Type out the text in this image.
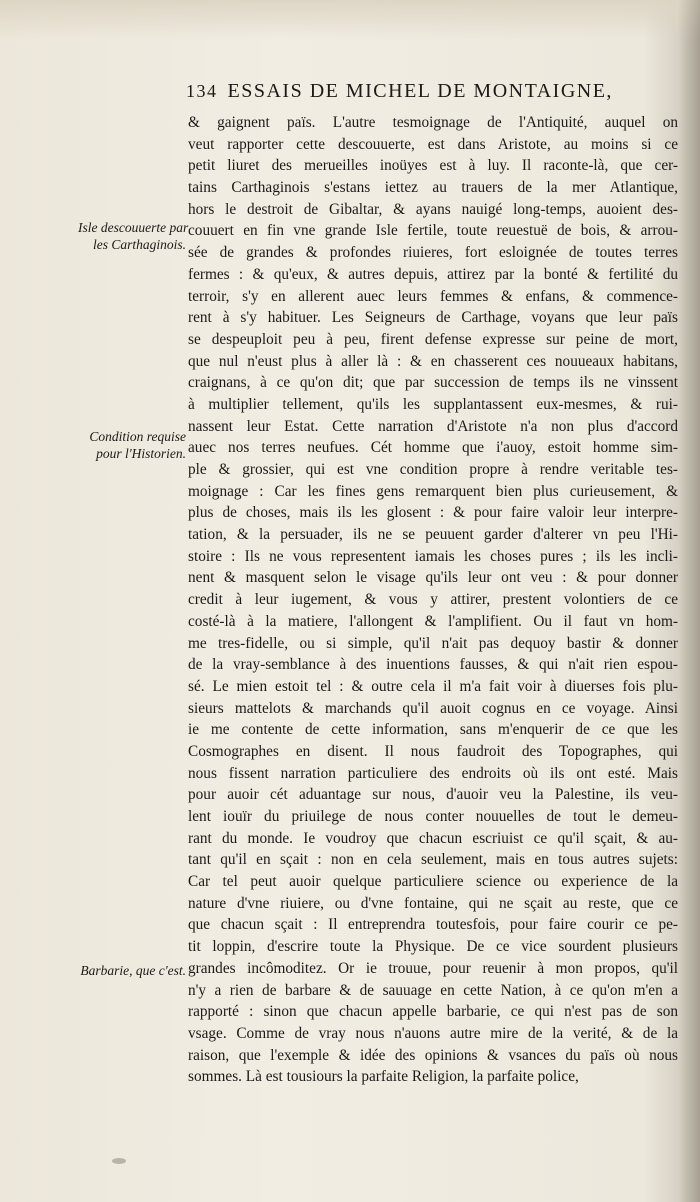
134 ESSAIS DE MICHEL DE MONTAIGNE,
& gaignent païs. L'autre tesmoignage de l'Antiquité, auquel on
veut rapporter cette descouuerte, est dans Aristote, au moins si ce
petit liuret des merueilles inoüyes est à luy. Il raconte-là, que cer-
tains Carthaginois s'estans iettez au trauers de la mer Atlantique,
hors le destroit de Gibaltar, & ayans nauigé long-temps, auoient des-
couuert en fin vne grande Isle fertile, toute reuestuë de bois, & arrou-
sée de grandes & profondes riuieres, fort esloignée de toutes terres
fermes : & qu'eux, & autres depuis, attirez par la bonté & fertilité du
terroir, s'y en allerent auec leurs femmes & enfans, & commence-
rent à s'y habituer. Les Seigneurs de Carthage, voyans que leur païs
se despeuploit peu à peu, firent defense expresse sur peine de mort,
que nul n'eust plus à aller là : & en chasserent ces nouueaux habitans,
craignans, à ce qu'on dit; que par succession de temps ils ne vinssent
à multiplier tellement, qu'ils les supplantassent eux-mesmes, & rui-
nassent leur Estat. Cette narration d'Aristote n'a non plus d'accord
auec nos terres neufues. Cét homme que i'auoy, estoit homme sim-
ple & grossier, qui est vne condition propre à rendre veritable tes-
moignage : Car les fines gens remarquent bien plus curieusement, &
plus de choses, mais ils les glosent : & pour faire valoir leur interpre-
tation, & la persuader, ils ne se peuuent garder d'alterer vn peu l'Hi-
stoire : Ils ne vous representent iamais les choses pures ; ils les incli-
nent & masquent selon le visage qu'ils leur ont veu : & pour donner
credit à leur iugement, & vous y attirer, prestent volontiers de ce
costé-là à la matiere, l'allongent & l'amplifient. Ou il faut vn hom-
me tres-fidelle, ou si simple, qu'il n'ait pas dequoy bastir & donner
de la vray-semblance à des inuentions fausses, & qui n'ait rien espou-
sé. Le mien estoit tel : & outre cela il m'a fait voir à diuerses fois plu-
sieurs mattelots & marchands qu'il auoit cognus en ce voyage. Ainsi
ie me contente de cette information, sans m'enquerir de ce que les
Cosmographes en disent. Il nous faudroit des Topographes, qui
nous fissent narration particuliere des endroits où ils ont esté. Mais
pour auoir cét aduantage sur nous, d'auoir veu la Palestine, ils veu-
lent iouïr du priuilege de nous conter nouuelles de tout le demeu-
rant du monde. Ie voudroy que chacun escriuist ce qu'il sçait, & au-
tant qu'il en sçait : non en cela seulement, mais en tous autres sujets:
Car tel peut auoir quelque particuliere science ou experience de la
nature d'vne riuiere, ou d'vne fontaine, qui ne sçait au reste, que ce
que chacun sçait : Il entreprendra toutesfois, pour faire courir ce pe-
tit loppin, d'escrire toute la Physique. De ce vice sourdent plusieurs
grandes incômoditez. Or ie trouue, pour reuenir à mon propos, qu'il
n'y a rien de barbare & de sauuage en cette Nation, à ce qu'on m'en a
rapporté : sinon que chacun appelle barbarie, ce qui n'est pas de son
vsage. Comme de vray nous n'auons autre mire de la verité, & de la
raison, que l'exemple & idée des opinions & vsances du païs où nous
sommes. Là est tousiours la parfaite Religion, la parfaite police,
Isle descouuerte par
les Carthaginois.
Condition requise
pour l'Historien.
Barbarie, que c'est.
